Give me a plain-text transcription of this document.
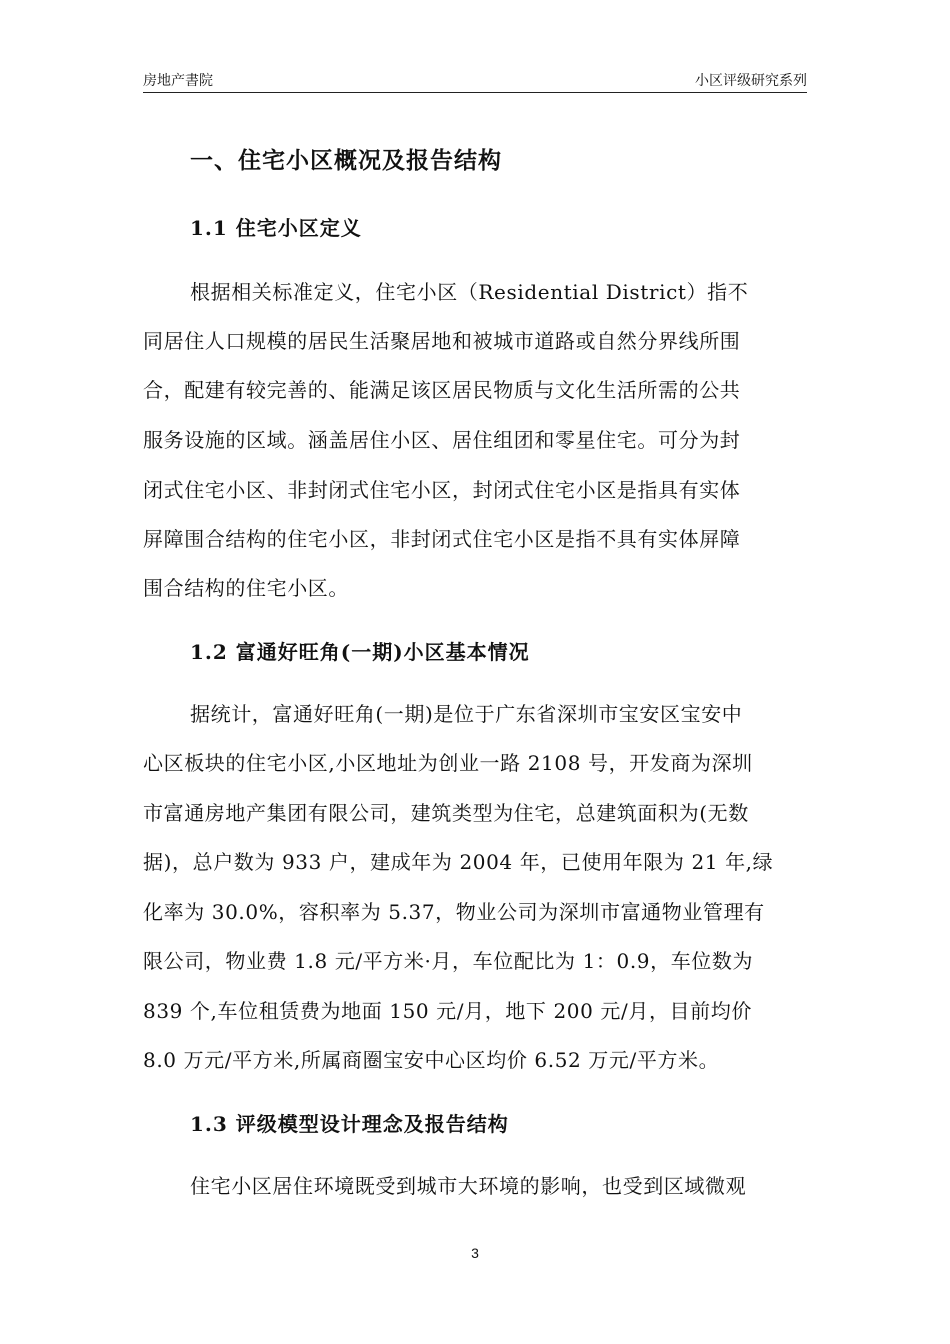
房地产書院	小区评级研究系列
一、住宅小区概况及报告结构
1.1 住宅小区定义
根据相关标准定义，住宅小区（Residential District）指不
同居住人口规模的居民生活聚居地和被城市道路或自然分界线所围
合，配建有较完善的、能满足该区居民物质与文化生活所需的公共
服务设施的区域。涵盖居住小区、居住组团和零星住宅。可分为封
闭式住宅小区、非封闭式住宅小区，封闭式住宅小区是指具有实体
屏障围合结构的住宅小区，非封闭式住宅小区是指不具有实体屏障
围合结构的住宅小区。
1.2 富通好旺角(一期)小区基本情况
据统计，富通好旺角(一期)是位于广东省深圳市宝安区宝安中
心区板块的住宅小区,小区地址为创业一路 2108 号，开发商为深圳
市富通房地产集团有限公司，建筑类型为住宅，总建筑面积为(无数
据)，总户数为 933 户，建成年为 2004 年，已使用年限为 21 年,绿
化率为 30.0%，容积率为 5.37，物业公司为深圳市富通物业管理有
限公司，物业费 1.8 元/平方米·月，车位配比为 1：0.9，车位数为
839 个,车位租赁费为地面 150 元/月，地下 200 元/月，目前均价
8.0 万元/平方米,所属商圈宝安中心区均价 6.52 万元/平方米。
1.3 评级模型设计理念及报告结构
住宅小区居住环境既受到城市大环境的影响，也受到区域微观
3
